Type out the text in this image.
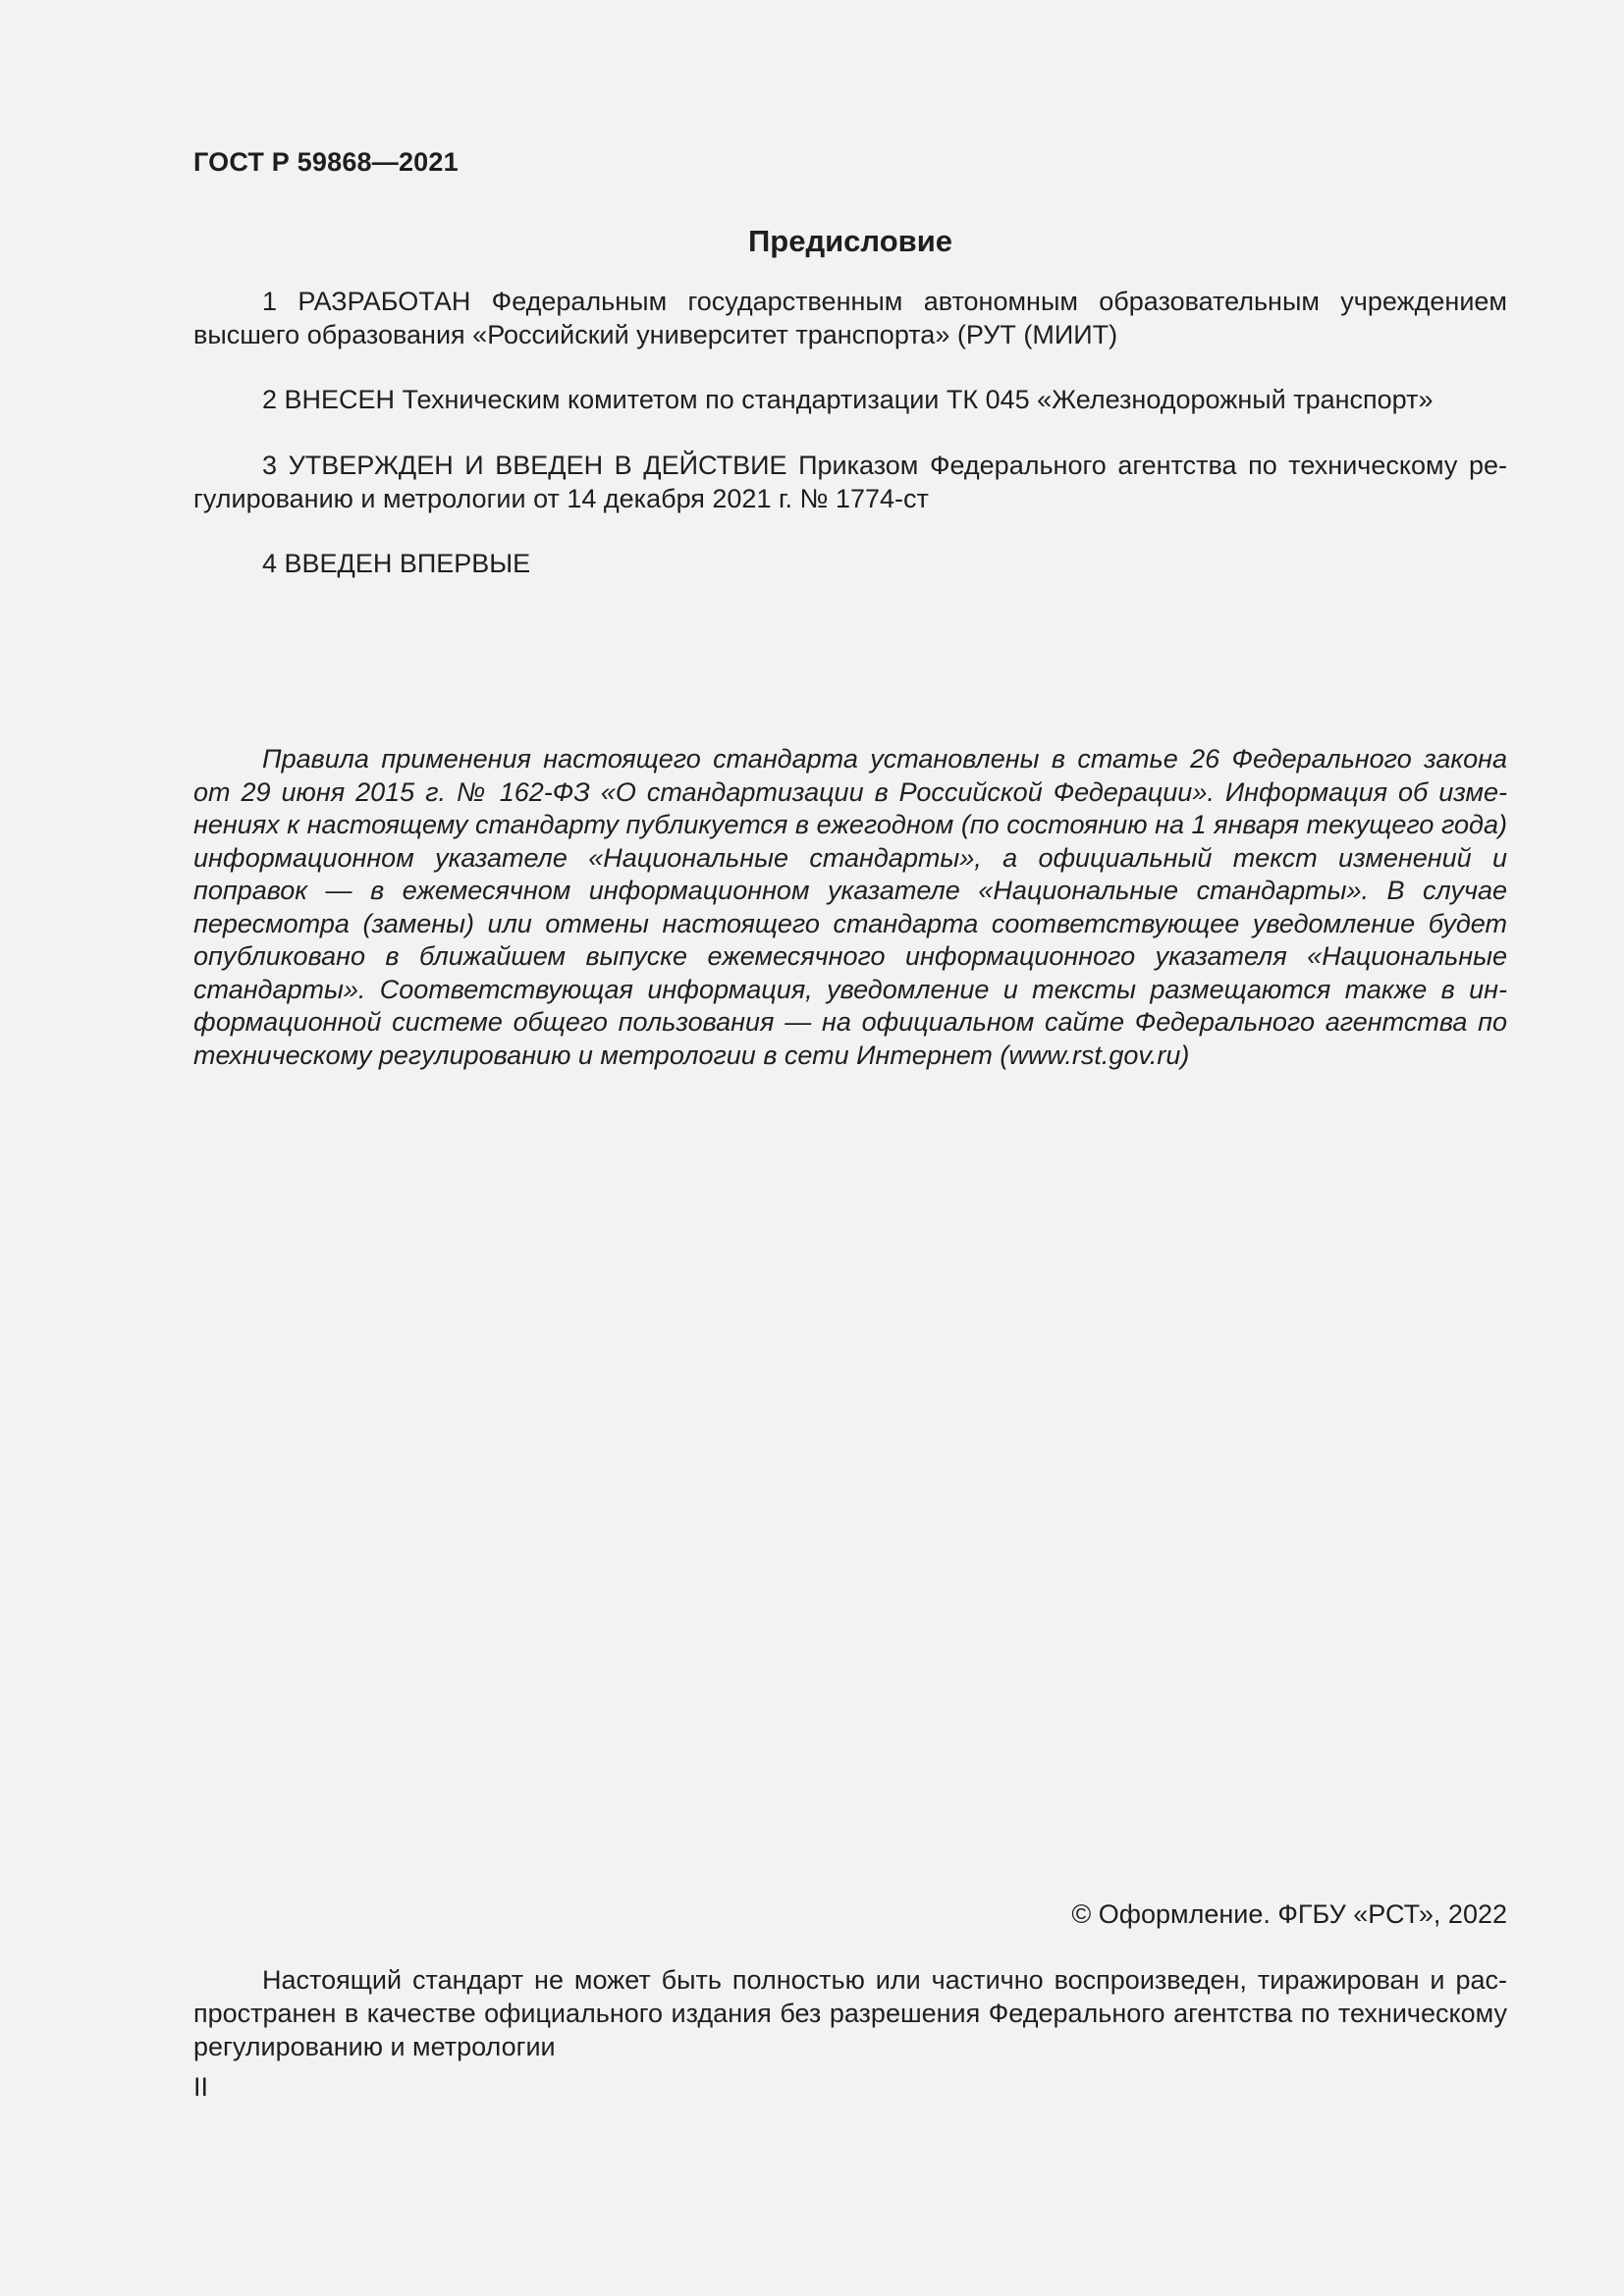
ГОСТ Р 59868—2021
Предисловие

1 РАЗРАБОТАН Федеральным государственным автономным образовательным учреждением высшего образования «Российский университет транспорта» (РУТ (МИИТ)

2 ВНЕСЕН Техническим комитетом по стандартизации ТК 045 «Железнодорожный транспорт»

3 УТВЕРЖДЕН И ВВЕДЕН В ДЕЙСТВИЕ Приказом Федерального агентства по техническому регулированию и метрологии от 14 декабря 2021 г. № 1774-ст

4 ВВЕДЕН ВПЕРВЫЕ

Правила применения настоящего стандарта установлены в статье 26 Федерального закона от 29 июня 2015 г. № 162-ФЗ «О стандартизации в Российской Федерации». Информация об изменениях к настоящему стандарту публикуется в ежегодном (по состоянию на 1 января текущего года) информационном указателе «Национальные стандарты», а официальный текст изменений и поправок — в ежемесячном информационном указателе «Национальные стандарты». В случае пересмотра (замены) или отмены настоящего стандарта соответствующее уведомление будет опубликовано в ближайшем выпуске ежемесячного информационного указателя «Национальные стандарты». Соответствующая информация, уведомление и тексты размещаются также в информационной системе общего пользования — на официальном сайте Федерального агентства по техническому регулированию и метрологии в сети Интернет (www.rst.gov.ru)

© Оформление. ФГБУ «РСТ», 2022

Настоящий стандарт не может быть полностью или частично воспроизведен, тиражирован и распространен в качестве официального издания без разрешения Федерального агентства по техническому регулированию и метрологии

II
